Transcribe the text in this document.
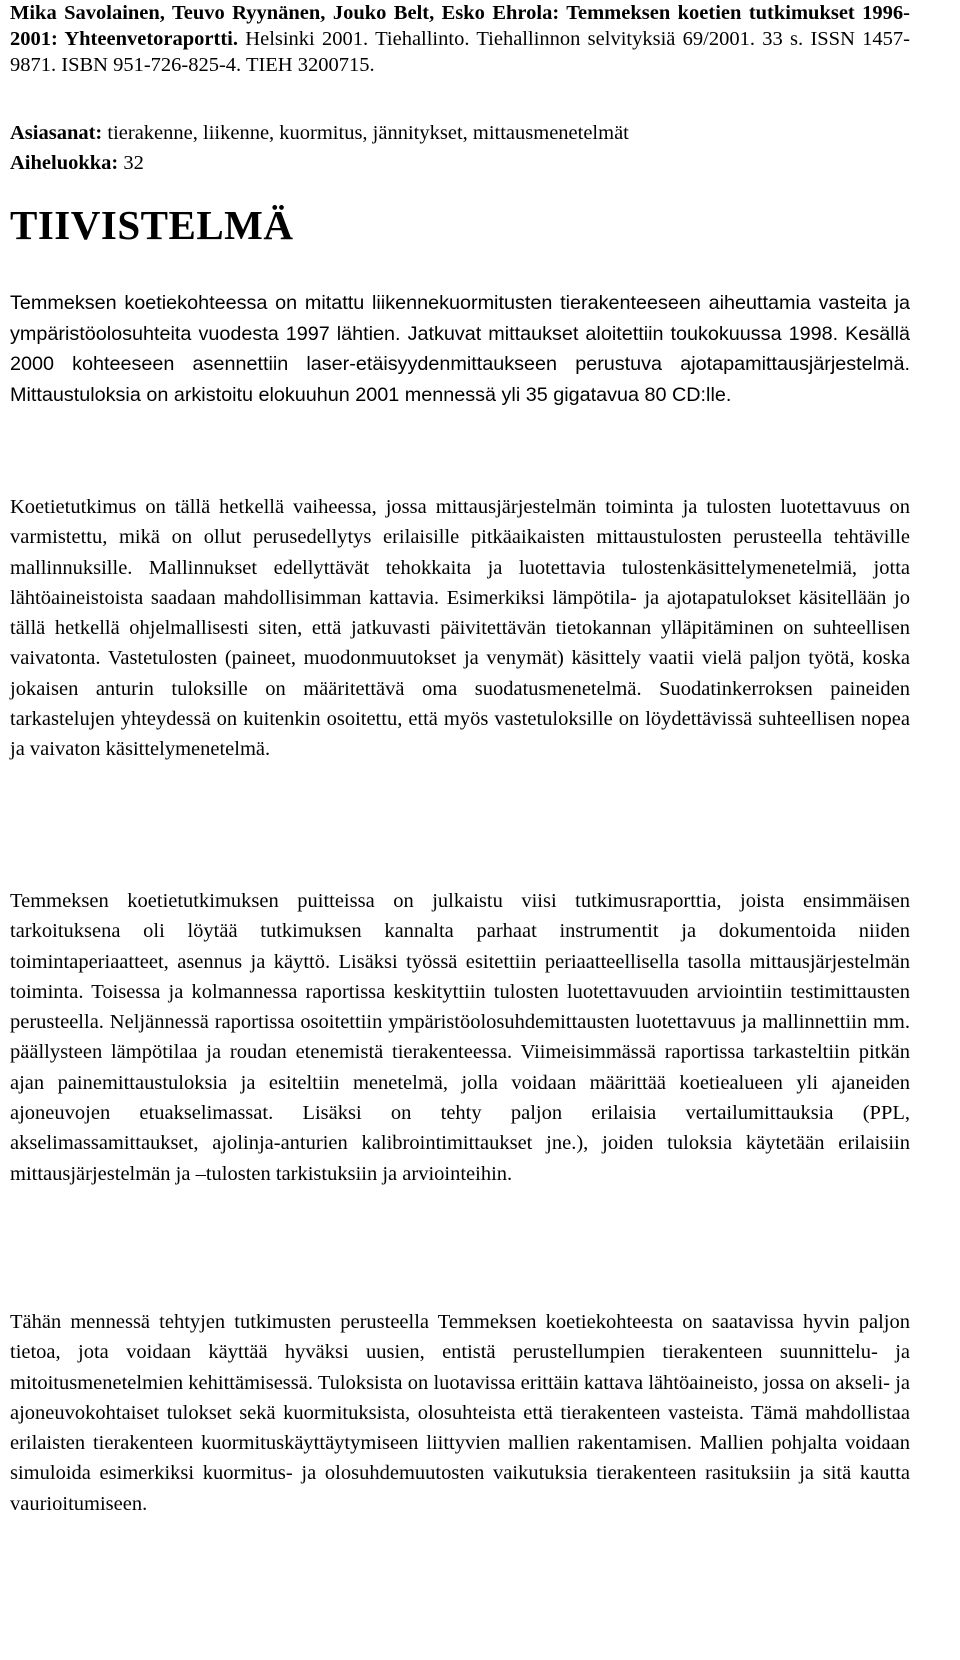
Mika Savolainen, Teuvo Ryynänen, Jouko Belt, Esko Ehrola: Temmeksen koetien tutkimukset 1996-2001: Yhteenvetoraportti. Helsinki 2001. Tiehallinto. Tiehallinnon selvityksiä 69/2001. 33 s. ISSN 1457-9871. ISBN 951-726-825-4. TIEH 3200715.
Asiasanat: tierakenne, liikenne, kuormitus, jännitykset, mittausmenetelmät
Aiheluokka: 32
TIIVISTELMÄ

Temmeksen koetiekohteessa on mitattu liikennekuormitusten tierakenteeseen aiheuttamia vasteita ja ympäristöolosuhteita vuodesta 1997 lähtien. Jatkuvat mittaukset aloitettiin toukokuussa 1998. Kesällä 2000 kohteeseen asennettiin laser-etäisyydenmittaukseen perustuva ajotapamittausjärjestelmä. Mittaustuloksia on arkistoitu elokuuhun 2001 mennessä yli 35 gigatavua 80 CD:lle.

Koetietutkimus on tällä hetkellä vaiheessa, jossa mittausjärjestelmän toiminta ja tulosten luotettavuus on varmistettu, mikä on ollut perusedellytys erilaisille pitkäaikaisten mittaustulosten perusteella tehtäville mallinnuksille. Mallinnukset edellyttävät tehokkaita ja luotettavia tulostenkäsittelymenetelmiä, jotta lähtöaineistoista saadaan mahdollisimman kattavia. Esimerkiksi lämpötila- ja ajotapatulokset käsitellään jo tällä hetkellä ohjelmallisesti siten, että jatkuvasti päivitettävän tietokannan ylläpitäminen on suhteellisen vaivatonta. Vastetulosten (paineet, muodonmuutokset ja venymät) käsittely vaatii vielä paljon työtä, koska jokaisen anturin tuloksille on määritettävä oma suodatusmenetelmä. Suodatinkerroksen paineiden tarkastelujen yhteydessä on kuitenkin osoitettu, että myös vastetuloksille on löydettävissä suhteellisen nopea ja vaivaton käsittelymenetelmä.

Temmeksen koetietutkimuksen puitteissa on julkaistu viisi tutkimusraporttia, joista ensimmäisen tarkoituksena oli löytää tutkimuksen kannalta parhaat instrumentit ja dokumentoida niiden toimintaperiaatteet, asennus ja käyttö. Lisäksi työssä esitettiin periaatteellisella tasolla mittausjärjestelmän toiminta. Toisessa ja kolmannessa raportissa keskityttiin tulosten luotettavuuden arviointiin testimittausten perusteella. Neljännessä raportissa osoitettiin ympäristöolosuhdemittausten luotettavuus ja mallinnettiin mm. päällysteen lämpötilaa ja roudan etenemistä tierakenteessa. Viimeisimmässä raportissa tarkasteltiin pitkän ajan painemittaustuloksia ja esiteltiin menetelmä, jolla voidaan määrittää koetiealueen yli ajaneiden ajoneuvojen etuakselimassat. Lisäksi on tehty paljon erilaisia vertailumittauksia (PPL, akselimassamittaukset, ajolinja-anturien kalibrointimittaukset jne.), joiden tuloksia käytetään erilaisiin mittausjärjestelmän ja –tulosten tarkistuksiin ja arviointeihin.

Tähän mennessä tehtyjen tutkimusten perusteella Temmeksen koetiekohteesta on saatavissa hyvin paljon tietoa, jota voidaan käyttää hyväksi uusien, entistä perustellumpien tierakenteen suunnittelu- ja mitoitusmenetelmien kehittämisessä. Tuloksista on luotavissa erittäin kattava lähtöaineisto, jossa on akseli- ja ajoneuvokohtaiset tulokset sekä kuormituksista, olosuhteista että tierakenteen vasteista. Tämä mahdollistaa erilaisten tierakenteen kuormituskäyttäytymiseen liittyvien mallien rakentamisen. Mallien pohjalta voidaan simuloida esimerkiksi kuormitus- ja olosuhdemuutosten vaikutuksia tierakenteen rasituksiin ja sitä kautta vaurioitumiseen.
